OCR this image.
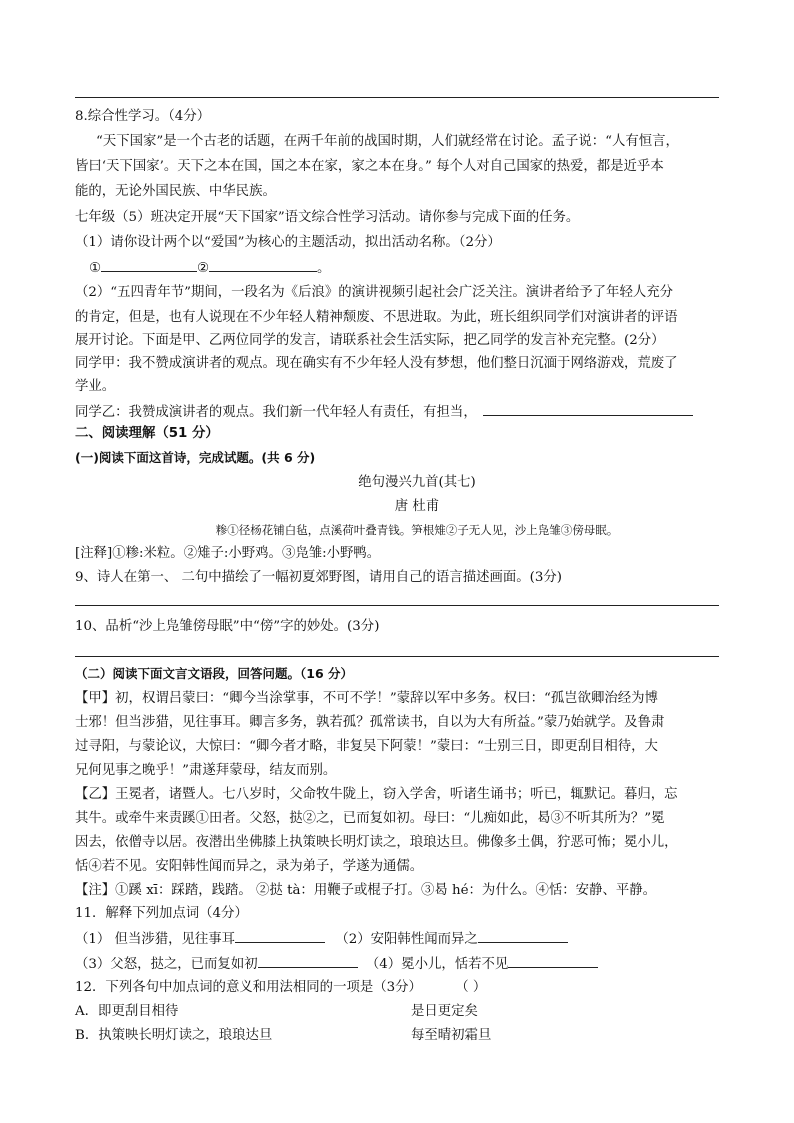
8.综合性学习。（4分）
“天下国家”是一个古老的话题，在两千年前的战国时期，人们就经常在讨论。孟子说：“人有恒言，
皆曰‘天下国家’。天下之本在国，国之本在家，家之本在身。” 每个人对自己国家的热爱，都是近乎本
能的，无论外国民族、中华民族。
七年级（5）班决定开展“天下国家”语文综合性学习活动。请你参与完成下面的任务。
（1）请你设计两个以“爱国”为核心的主题活动，拟出活动名称。（2分）
①	②	。
（2）“五四青年节”期间，一段名为《后浪》的演讲视频引起社会广泛关注。演讲者给予了年轻人充分
的肯定，但是，也有人说现在不少年轻人精神颓废、不思进取。为此，班长组织同学们对演讲者的评语
展开讨论。下面是甲、乙两位同学的发言，请联系社会生活实际，把乙同学的发言补充完整。(2分）
同学甲：我不赞成演讲者的观点。现在确实有不少年轻人没有梦想，他们整日沉湎于网络游戏，荒废了
学业。
同学乙：我赞成演讲者的观点。我们新一代年轻人有责任，有担当，
二、阅读理解（51 分）
(一)阅读下面这首诗，完成试题。(共 6 分)
绝句漫兴九首(其七)
唐 杜甫
糁①径杨花铺白毡，点溪荷叶叠青钱。笋根雉②子无人见，沙上凫雏③傍母眠。
[注释]①糁:米粒。②雉子:小野鸡。③凫雏:小野鸭。
9、诗人在第一、 二句中描绘了一幅初夏郊野图，请用自己的语言描述画面。(3分)
10、品析“沙上凫雏傍母眠”中“傍”字的妙处。(3分)
（二）阅读下面文言文语段，回答问题。（16 分）
【甲】初，权谓吕蒙曰：“卿今当涂掌事，不可不学！”蒙辞以军中多务。权曰：“孤岂欲卿治经为博
士邪！但当涉猎，见往事耳。卿言多务，孰若孤？孤常读书，自以为大有所益。”蒙乃始就学。及鲁肃
过寻阳，与蒙论议，大惊曰：“卿今者才略，非复吴下阿蒙！”蒙曰：“士别三日，即更刮目相待，大
兄何见事之晚乎！”肃遂拜蒙母，结友而别。
【乙】王冕者，诸暨人。七八岁时，父命牧牛陇上，窃入学舍，听诸生诵书；听已，辄默记。暮归，忘
其牛。或牵牛来责蹊①田者。父怒，挞②之，已而复如初。母曰：“儿痴如此，曷③不听其所为？”冕
因去，依僧寺以居。夜潜出坐佛膝上执策映长明灯读之，琅琅达旦。佛像多土偶，狞恶可怖；冕小儿，
恬④若不见。安阳韩性闻而异之，录为弟子，学遂为通儒。
【注】①蹊 xī：踩踏，践踏。 ②挞 tà：用鞭子或棍子打。③曷 hé：为什么。④恬：安静、平静。
11．解释下列加点词（4分）
（1） 但当涉猎，见往事耳	（2）安阳韩性闻而异之
（3）父怒，挞之，已而复如初	（4）冕小儿，恬若不见
12．下列各句中加点词的意义和用法相同的一项是（3分）	（ ）
A．即更刮目相待	是日更定矣
B．执策映长明灯读之，琅琅达旦	每至晴初霜旦
